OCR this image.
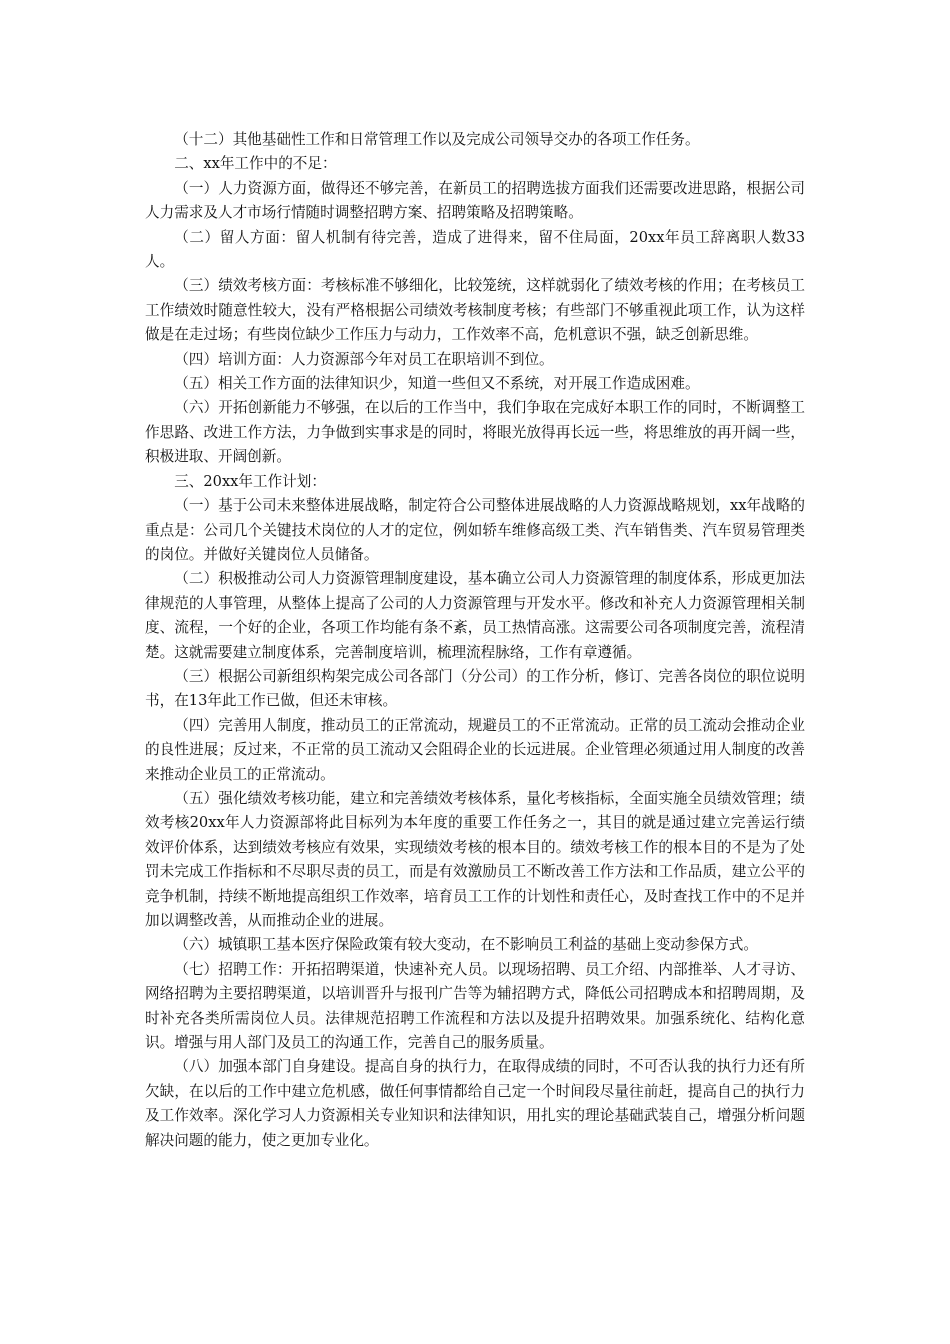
（十二）其他基础性工作和日常管理工作以及完成公司领导交办的各项工作任务。

二、xx年工作中的不足：

（一）人力资源方面，做得还不够完善，在新员工的招聘选拔方面我们还需要改进思路，根据公司人力需求及人才市场行情随时调整招聘方案、招聘策略及招聘策略。

（二）留人方面：留人机制有待完善，造成了进得来，留不住局面，20xx年员工辞离职人数33人。

（三）绩效考核方面：考核标准不够细化，比较笼统，这样就弱化了绩效考核的作用；在考核员工工作绩效时随意性较大，没有严格根据公司绩效考核制度考核；有些部门不够重视此项工作，认为这样做是在走过场；有些岗位缺少工作压力与动力，工作效率不高，危机意识不强，缺乏创新思维。

（四）培训方面：人力资源部今年对员工在职培训不到位。

（五）相关工作方面的法律知识少，知道一些但又不系统，对开展工作造成困难。

（六）开拓创新能力不够强，在以后的工作当中，我们争取在完成好本职工作的同时，不断调整工作思路、改进工作方法，力争做到实事求是的同时，将眼光放得再长远一些，将思维放的再开阔一些，积极进取、开阔创新。

三、20xx年工作计划：

（一）基于公司未来整体进展战略，制定符合公司整体进展战略的人力资源战略规划，xx年战略的重点是：公司几个关键技术岗位的人才的定位，例如轿车维修高级工类、汽车销售类、汽车贸易管理类的岗位。并做好关键岗位人员储备。

（二）积极推动公司人力资源管理制度建设，基本确立公司人力资源管理的制度体系，形成更加法律规范的人事管理，从整体上提高了公司的人力资源管理与开发水平。修改和补充人力资源管理相关制度、流程，一个好的企业，各项工作均能有条不紊，员工热情高涨。这需要公司各项制度完善，流程清楚。这就需要建立制度体系，完善制度培训，梳理流程脉络，工作有章遵循。

（三）根据公司新组织构架完成公司各部门（分公司）的工作分析，修订、完善各岗位的职位说明书，在13年此工作已做，但还未审核。

（四）完善用人制度，推动员工的正常流动，规避员工的不正常流动。正常的员工流动会推动企业的良性进展；反过来，不正常的员工流动又会阻碍企业的长远进展。企业管理必须通过用人制度的改善来推动企业员工的正常流动。

（五）强化绩效考核功能，建立和完善绩效考核体系，量化考核指标，全面实施全员绩效管理；绩效考核20xx年人力资源部将此目标列为本年度的重要工作任务之一，其目的就是通过建立完善运行绩效评价体系，达到绩效考核应有效果，实现绩效考核的根本目的。绩效考核工作的根本目的不是为了处罚未完成工作指标和不尽职尽责的员工，而是有效激励员工不断改善工作方法和工作品质，建立公平的竞争机制，持续不断地提高组织工作效率，培育员工工作的计划性和责任心，及时查找工作中的不足并加以调整改善，从而推动企业的进展。

（六）城镇职工基本医疗保险政策有较大变动，在不影响员工利益的基础上变动参保方式。

（七）招聘工作：开拓招聘渠道，快速补充人员。以现场招聘、员工介绍、内部推举、人才寻访、网络招聘为主要招聘渠道，以培训晋升与报刊广告等为辅招聘方式，降低公司招聘成本和招聘周期，及时补充各类所需岗位人员。法律规范招聘工作流程和方法以及提升招聘效果。加强系统化、结构化意识。增强与用人部门及员工的沟通工作，完善自己的服务质量。

（八）加强本部门自身建设。提高自身的执行力，在取得成绩的同时，不可否认我的执行力还有所欠缺，在以后的工作中建立危机感，做任何事情都给自己定一个时间段尽量往前赶，提高自己的执行力及工作效率。深化学习人力资源相关专业知识和法律知识，用扎实的理论基础武装自己，增强分析问题解决问题的能力，使之更加专业化。
